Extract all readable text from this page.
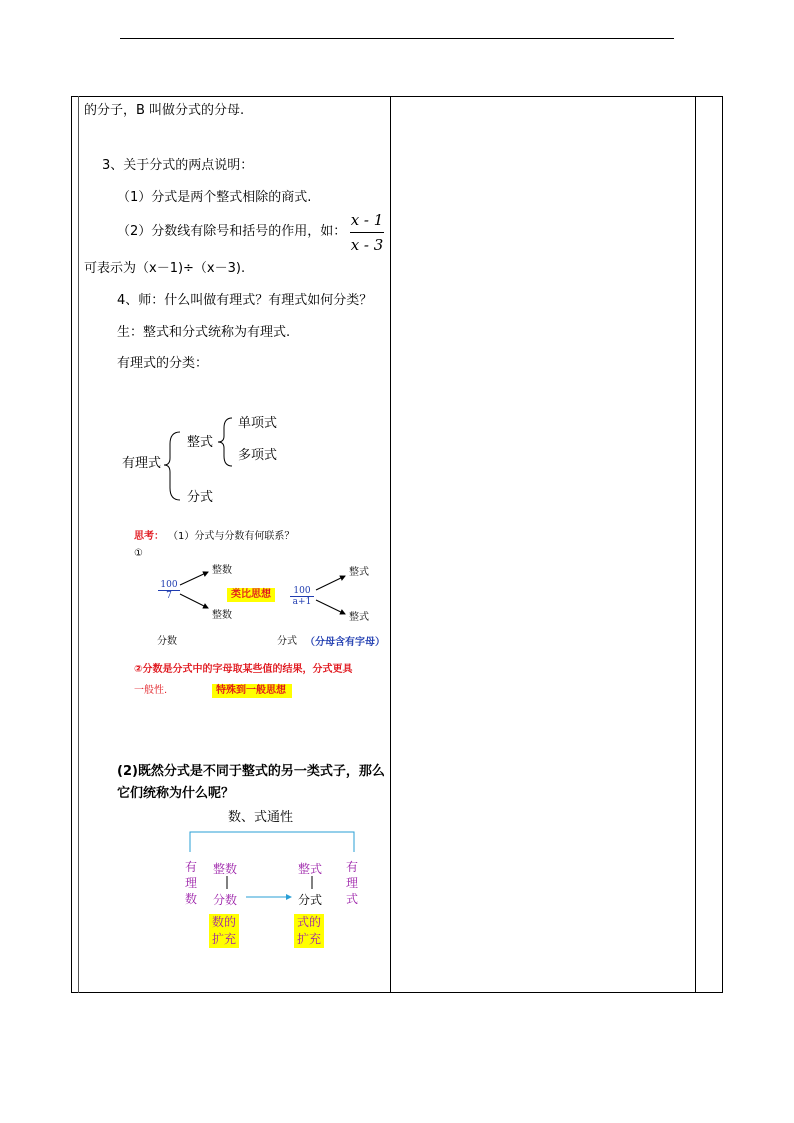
的分子，B 叫做分式的分母.
3、关于分式的两点说明：
（1）分式是两个整式相除的商式.
（2）分数线有除号和括号的作用，如：
x - 1
x - 3
可表示为（x－1)÷（x－3).
4、师：什么叫做有理式？有理式如何分类？
生：整式和分式统称为有理式.
有理式的分类：
有理式
整式
单项式
多项式
分式
思考： （1）分式与分数有何联系？
①
100
7
整数
整数
类比思想	100
a+1
整式
整式
分数	分式 （分母含有字母）
②分数是分式中的字母取某些值的结果，分式更具
一般性.	特殊到一般思想
(2)既然分式是不同于整式的另一类式子，那么
它们统称为什么呢？
数、式通性
有
理
数
有
理
式
整数
分数
整式
分式
数的
扩充
式的
扩充
